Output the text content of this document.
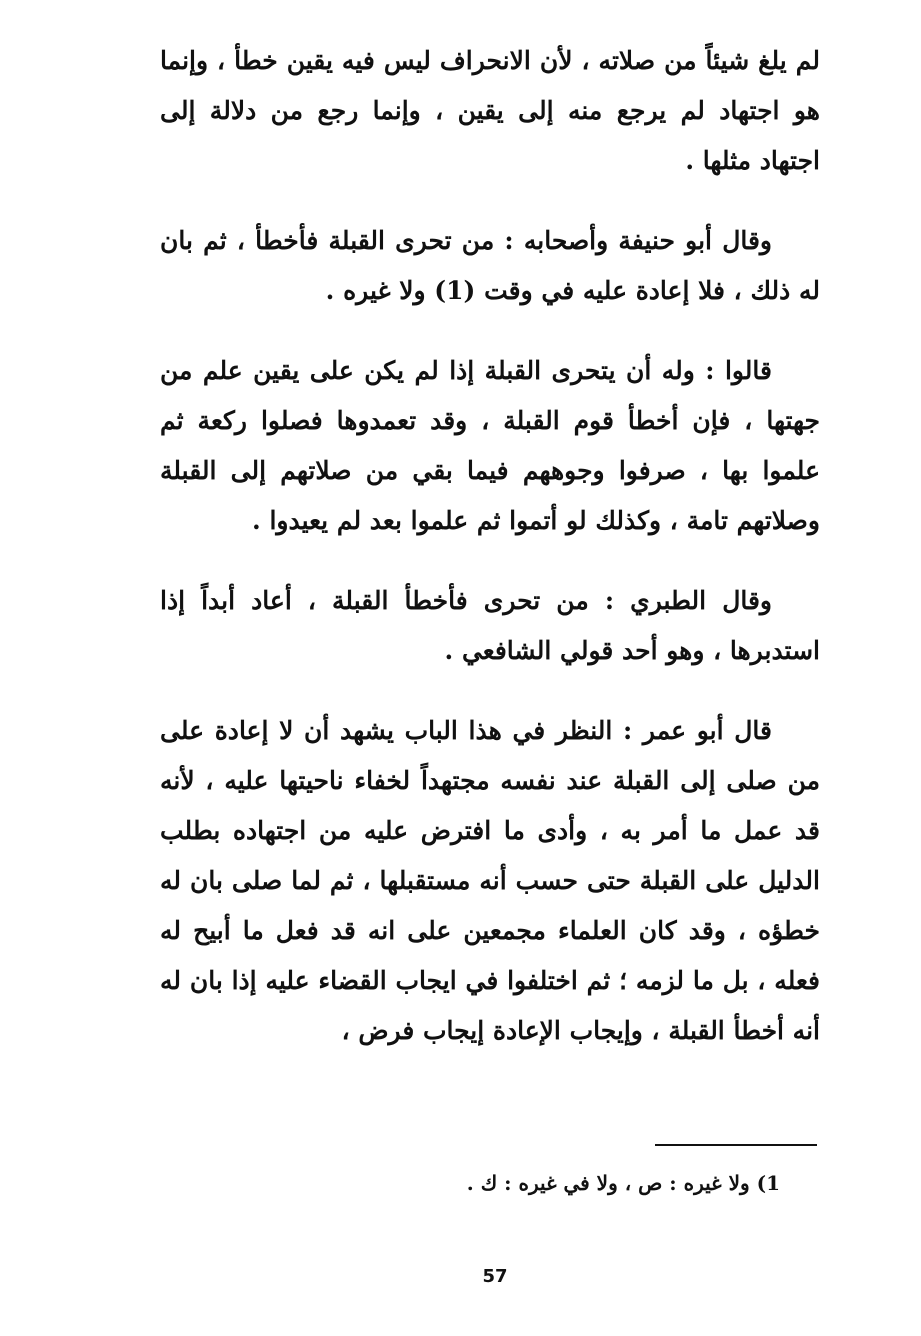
لم يلغ شيئاً من صلاته ، لأن الانحراف ليس فيه يقين خطأ ، وإنما هو اجتهاد لم يرجع منه إلى يقين ، وإنما رجع من دلالة إلى اجتهاد مثلها .

وقال أبو حنيفة وأصحابه : من تحرى القبلة فأخطأ ، ثم بان له ذلك ، فلا إعادة عليه في وقت (1) ولا غيره .

قالوا : وله أن يتحرى القبلة إذا لم يكن على يقين علم من جهتها ، فإن أخطأ قوم القبلة ، وقد تعمدوها فصلوا ركعة ثم علموا بها ، صرفوا وجوههم فيما بقي من صلاتهم إلى القبلة وصلاتهم تامة ، وكذلك لو أتموا ثم علموا بعد لم يعيدوا .

وقال الطبري : من تحرى فأخطأ القبلة ، أعاد أبداً إذا استدبرها ، وهو أحد قولي الشافعي .

قال أبو عمر : النظر في هذا الباب يشهد أن لا إعادة على من صلى إلى القبلة عند نفسه مجتهداً لخفاء ناحيتها عليه ، لأنه قد عمل ما أمر به ، وأدى ما افترض عليه من اجتهاده بطلب الدليل على القبلة حتى حسب أنه مستقبلها ، ثم لما صلى بان له خطؤه ، وقد كان العلماء مجمعين على انه قد فعل ما أبيح له فعله ، بل ما لزمه ؛ ثم اختلفوا في ايجاب القضاء عليه إذا بان له أنه أخطأ القبلة ، وإيجاب الإعادة إيجاب فرض ،

1) ولا غيره : ص ، ولا في غيره : ك .
57
